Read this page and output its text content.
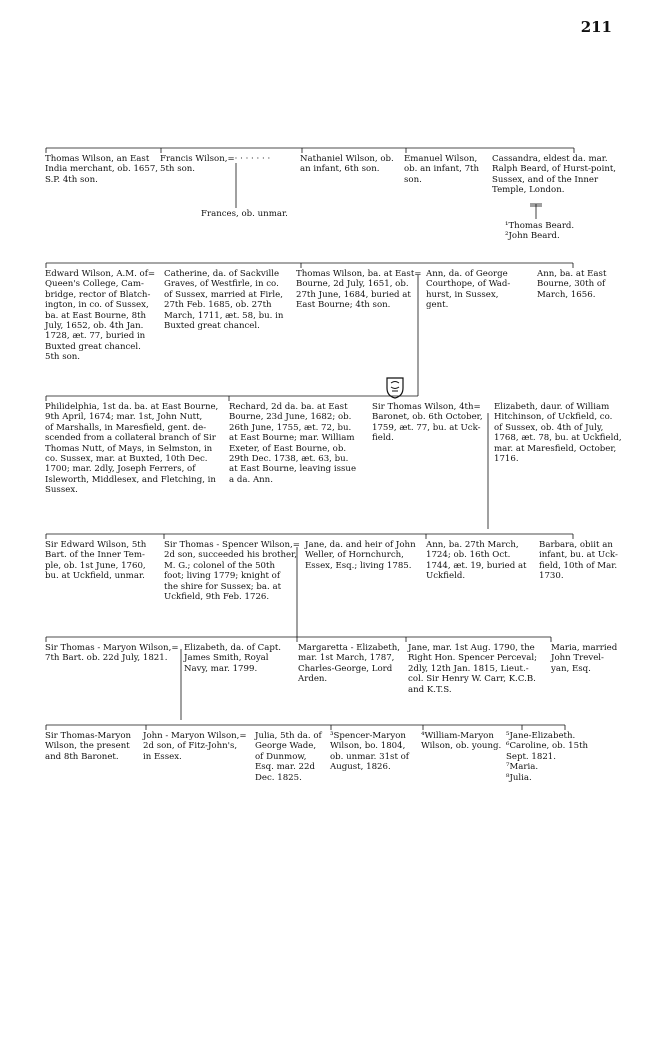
211
Thomas Wilson, an East
India merchant, ob. 1657,
S.P. 4th son.
Francis Wilson,=· · · · · · ·
5th son.
Frances, ob. unmar.
Nathaniel Wilson, ob.
an infant, 6th son.
Emanuel Wilson,
ob. an infant, 7th
son.
Cassandra, eldest da. mar.
Ralph Beard, of Hurst-point,
Sussex, and of the Inner
Temple, London.
¹Thomas Beard.
²John Beard.
Edward Wilson, A.M. of=
Queen's College, Cam-
bridge, rector of Blatch-
ington, in co. of Sussex,
ba. at East Bourne, 8th
July, 1652, ob. 4th Jan.
1728, æt. 77, buried in
Buxted great chancel.
5th son.
Catherine, da. of Sackville
Graves, of Westfirle, in co.
of Sussex, married at Firle,
27th Feb. 1685, ob. 27th
March, 1711, æt. 58, bu. in
Buxted great chancel.
Thomas Wilson, ba. at East=
Bourne, 2d July, 1651, ob.
27th June, 1684, buried at
East Bourne; 4th son.
Ann, da. of George
Courthope, of Wad-
hurst, in Sussex,
gent.
Ann, ba. at East
Bourne, 30th of
March, 1656.
Philidelphia, 1st da. ba. at East Bourne,
9th April, 1674; mar. 1st, John Nutt,
of Marshalls, in Maresfield, gent. de-
scended from a collateral branch of Sir
Thomas Nutt, of Mays, in Selmston, in
co. Sussex, mar. at Buxted, 10th Dec.
1700; mar. 2dly, Joseph Ferrers, of
Isleworth, Middlesex, and Fletching, in
Sussex.
Rechard, 2d da. ba. at East
Bourne, 23d June, 1682; ob.
26th June, 1755, æt. 72, bu.
at East Bourne; mar. William
Exeter, of East Bourne, ob.
29th Dec. 1738, æt. 63, bu.
at East Bourne, leaving issue
a da. Ann.
Sir Thomas Wilson, 4th=
Baronet, ob. 6th October,
1759, æt. 77, bu. at Uck-
field.
Elizabeth, daur. of William
Hitchinson, of Uckfield, co.
of Sussex, ob. 4th of July,
1768, æt. 78, bu. at Uckfield,
mar. at Maresfield, October,
1716.
Sir Edward Wilson, 5th
Bart. of the Inner Tem-
ple, ob. 1st June, 1760,
bu. at Uckfield, unmar.
Sir Thomas - Spencer Wilson,=
2d son, succeeded his brother,
M. G.; colonel of the 50th
foot; living 1779; knight of
the shire for Sussex; ba. at
Uckfield, 9th Feb. 1726.
Jane, da. and heir of John
Weller, of Hornchurch,
Essex, Esq.; living 1785.
Ann, ba. 27th March,
1724; ob. 16th Oct.
1744, æt. 19, buried at
Uckfield.
Barbara, obiit an
infant, bu. at Uck-
field, 10th of Mar.
1730.
Sir Thomas - Maryon Wilson,=
7th Bart. ob. 22d July, 1821.
Elizabeth, da. of Capt.
James Smith, Royal
Navy, mar. 1799.
Margaretta - Elizabeth,
mar. 1st March, 1787,
Charles-George, Lord
Arden.
Jane, mar. 1st Aug. 1790, the
Right Hon. Spencer Perceval;
2dly, 12th Jan. 1815, Lieut.-
col. Sir Henry W. Carr, K.C.B.
and K.T.S.
Maria, married
John Trevel-
yan, Esq.
Sir Thomas-Maryon
Wilson, the present
and 8th Baronet.
John - Maryon Wilson,=
2d son, of Fitz-John's,
in Essex.
Julia, 5th da. of
George Wade,
of Dunmow,
Esq. mar. 22d
Dec. 1825.
³Spencer-Maryon
Wilson, bo. 1804,
ob. unmar. 31st of
August, 1826.
⁴William-Maryon
Wilson, ob. young.
⁵Jane-Elizabeth.
⁶Caroline, ob. 15th
Sept. 1821.
⁷Maria.
⁸Julia.
